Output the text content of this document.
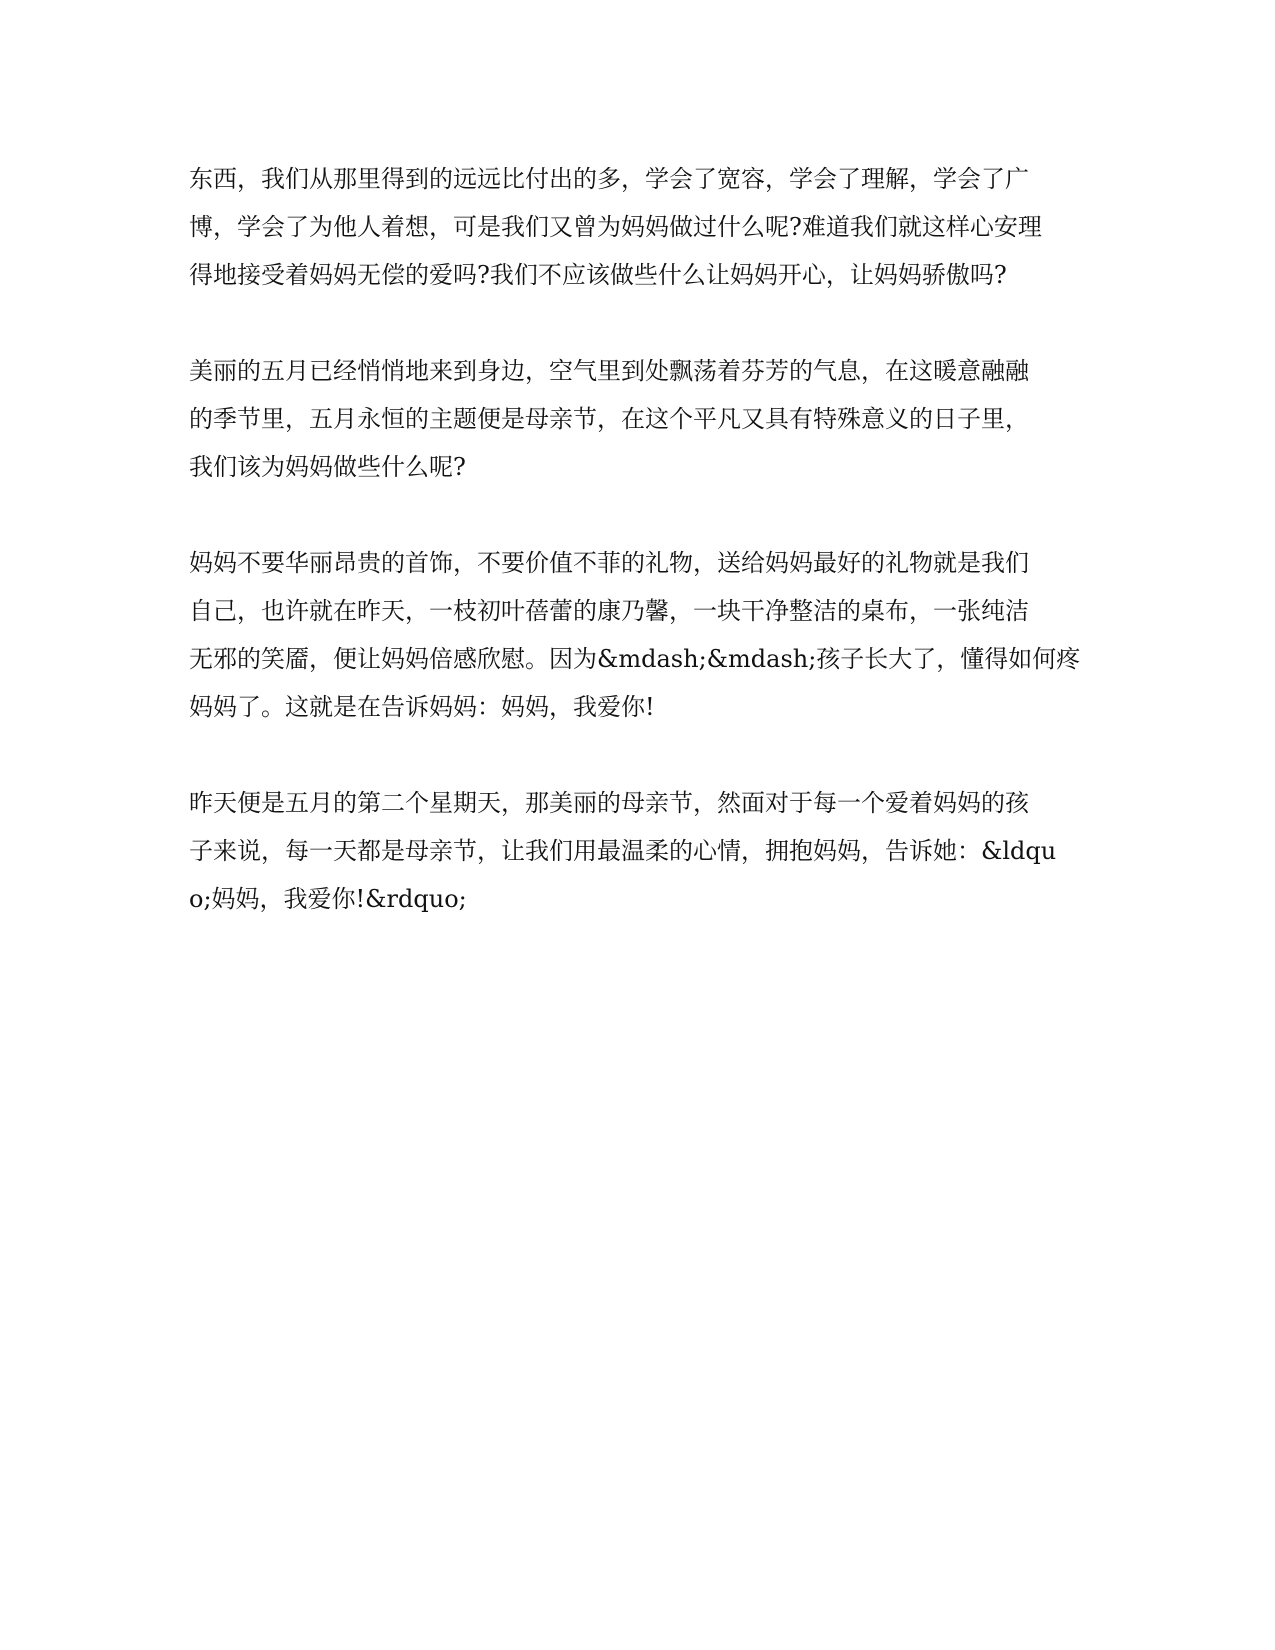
东西，我们从那里得到的远远比付出的多，学会了宽容，学会了理解，学会了广
博，学会了为他人着想，可是我们又曾为妈妈做过什么呢?难道我们就这样心安理
得地接受着妈妈无偿的爱吗?我们不应该做些什么让妈妈开心，让妈妈骄傲吗?
美丽的五月已经悄悄地来到身边，空气里到处飘荡着芬芳的气息，在这暖意融融
的季节里，五月永恒的主题便是母亲节，在这个平凡又具有特殊意义的日子里，
我们该为妈妈做些什么呢?
妈妈不要华丽昂贵的首饰，不要价值不菲的礼物，送给妈妈最好的礼物就是我们
自己，也许就在昨天，一枝初叶蓓蕾的康乃馨，一块干净整洁的桌布，一张纯洁
无邪的笑靥，便让妈妈倍感欣慰。因为&mdash;&mdash;孩子长大了，懂得如何疼
妈妈了。这就是在告诉妈妈：妈妈，我爱你!
昨天便是五月的第二个星期天，那美丽的母亲节，然面对于每一个爱着妈妈的孩
子来说，每一天都是母亲节，让我们用最温柔的心情，拥抱妈妈，告诉她：&ldqu
o;妈妈，我爱你!&rdquo;
